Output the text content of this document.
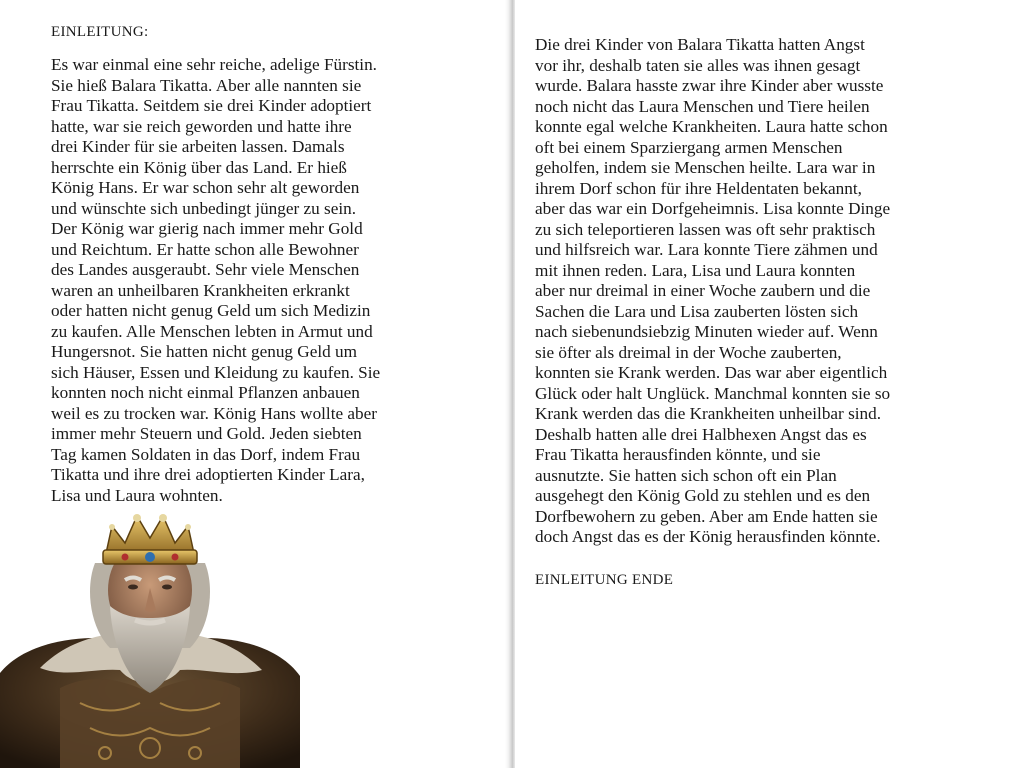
EINLEITUNG:
Es war einmal eine sehr reiche, adelige Fürstin.
Sie hieß Balara Tikatta. Aber alle nannten sie
Frau Tikatta. Seitdem sie drei Kinder adoptiert
hatte, war sie reich geworden und hatte ihre
drei Kinder für sie arbeiten lassen. Damals
herrschte ein König über das Land. Er hieß
König Hans. Er war schon sehr alt geworden
und wünschte sich unbedingt jünger zu sein.
Der König war gierig nach immer mehr Gold
und Reichtum. Er hatte schon alle Bewohner
des Landes ausgeraubt. Sehr viele Menschen
waren an unheilbaren Krankheiten erkrankt
oder hatten nicht genug Geld um sich Medizin
zu kaufen. Alle Menschen lebten in Armut und
Hungersnot. Sie hatten nicht genug Geld um
sich Häuser, Essen und Kleidung zu kaufen. Sie
konnten noch nicht einmal Pflanzen anbauen
weil es zu trocken war. König Hans wollte aber
immer mehr Steuern und Gold. Jeden siebten
Tag kamen Soldaten in das Dorf, indem Frau
Tikatta und ihre drei adoptierten Kinder Lara,
Lisa und Laura wohnten.
Die drei Kinder von Balara Tikatta hatten Angst
vor ihr, deshalb taten sie alles was ihnen gesagt
wurde. Balara hasste zwar ihre Kinder aber wusste
noch nicht das Laura Menschen und Tiere heilen
konnte egal welche Krankheiten. Laura hatte schon
oft bei einem Sparziergang armen Menschen
geholfen, indem sie Menschen heilte. Lara war in
ihrem Dorf schon für ihre Heldentaten bekannt,
aber das war ein Dorfgeheimnis. Lisa konnte Dinge
zu sich teleportieren lassen was oft sehr praktisch
und hilfsreich war. Lara konnte Tiere zähmen und
mit ihnen reden. Lara, Lisa und Laura konnten
aber nur dreimal in einer Woche zaubern und die
Sachen die Lara und Lisa zauberten lösten sich
nach siebenundsiebzig Minuten wieder auf. Wenn
sie öfter als dreimal in der Woche zauberten,
konnten sie Krank werden. Das war aber eigentlich
Glück oder halt Unglück. Manchmal konnten sie so
Krank werden das die Krankheiten unheilbar sind.
Deshalb hatten alle drei Halbhexen Angst das es
Frau Tikatta herausfinden könnte, und sie
ausnutzte. Sie hatten sich schon oft ein Plan
ausgehegt den König Gold zu stehlen und es den
Dorfbewohern zu geben. Aber am Ende hatten sie
doch Angst das es der König herausfinden könnte.
EINLEITUNG ENDE
